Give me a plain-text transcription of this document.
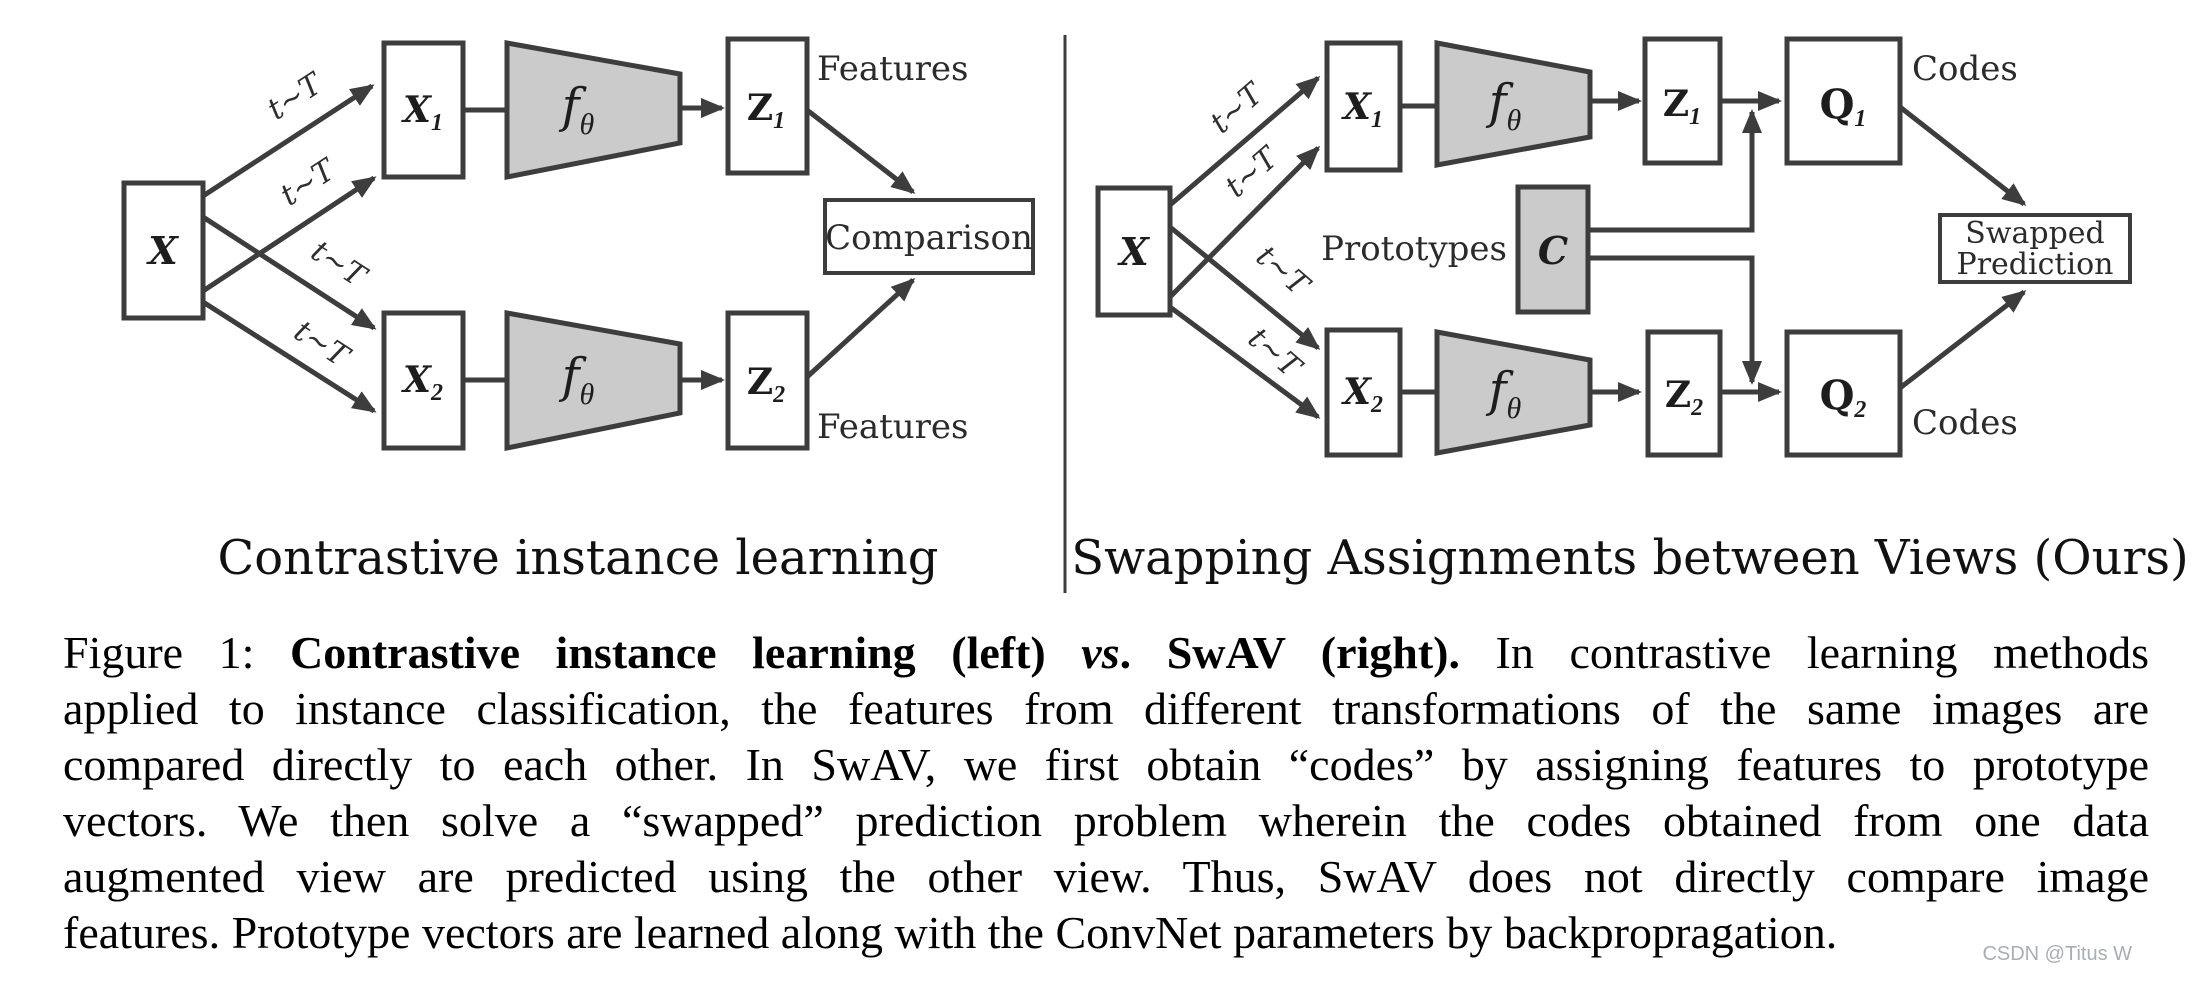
t∼T
t∼T
t∼T
t∼T
X
X1
X2
fθ
fθ
Z1
Z2
Features
Features
Comparison
t∼T
t∼T
t∼T
t∼T
X
X1
X2
fθ
fθ
Prototypes C
Z1
Z2
Q1
Q2
Codes
Codes
Swapped
Prediction
Contrastive instance learning	Swapping Assignments between Views (Ours)
Figure 1: Contrastive instance learning (left) vs. SwAV (right). In contrastive learning methods
applied to instance classification, the features from different transformations of the same images are
compared directly to each other. In SwAV, we first obtain “codes” by assigning features to prototype
vectors. We then solve a “swapped” prediction problem wherein the codes obtained from one data
augmented view are predicted using the other view. Thus, SwAV does not directly compare image
features. Prototype vectors are learned along with the ConvNet parameters by backpropragation.	CSDN @Titus W
